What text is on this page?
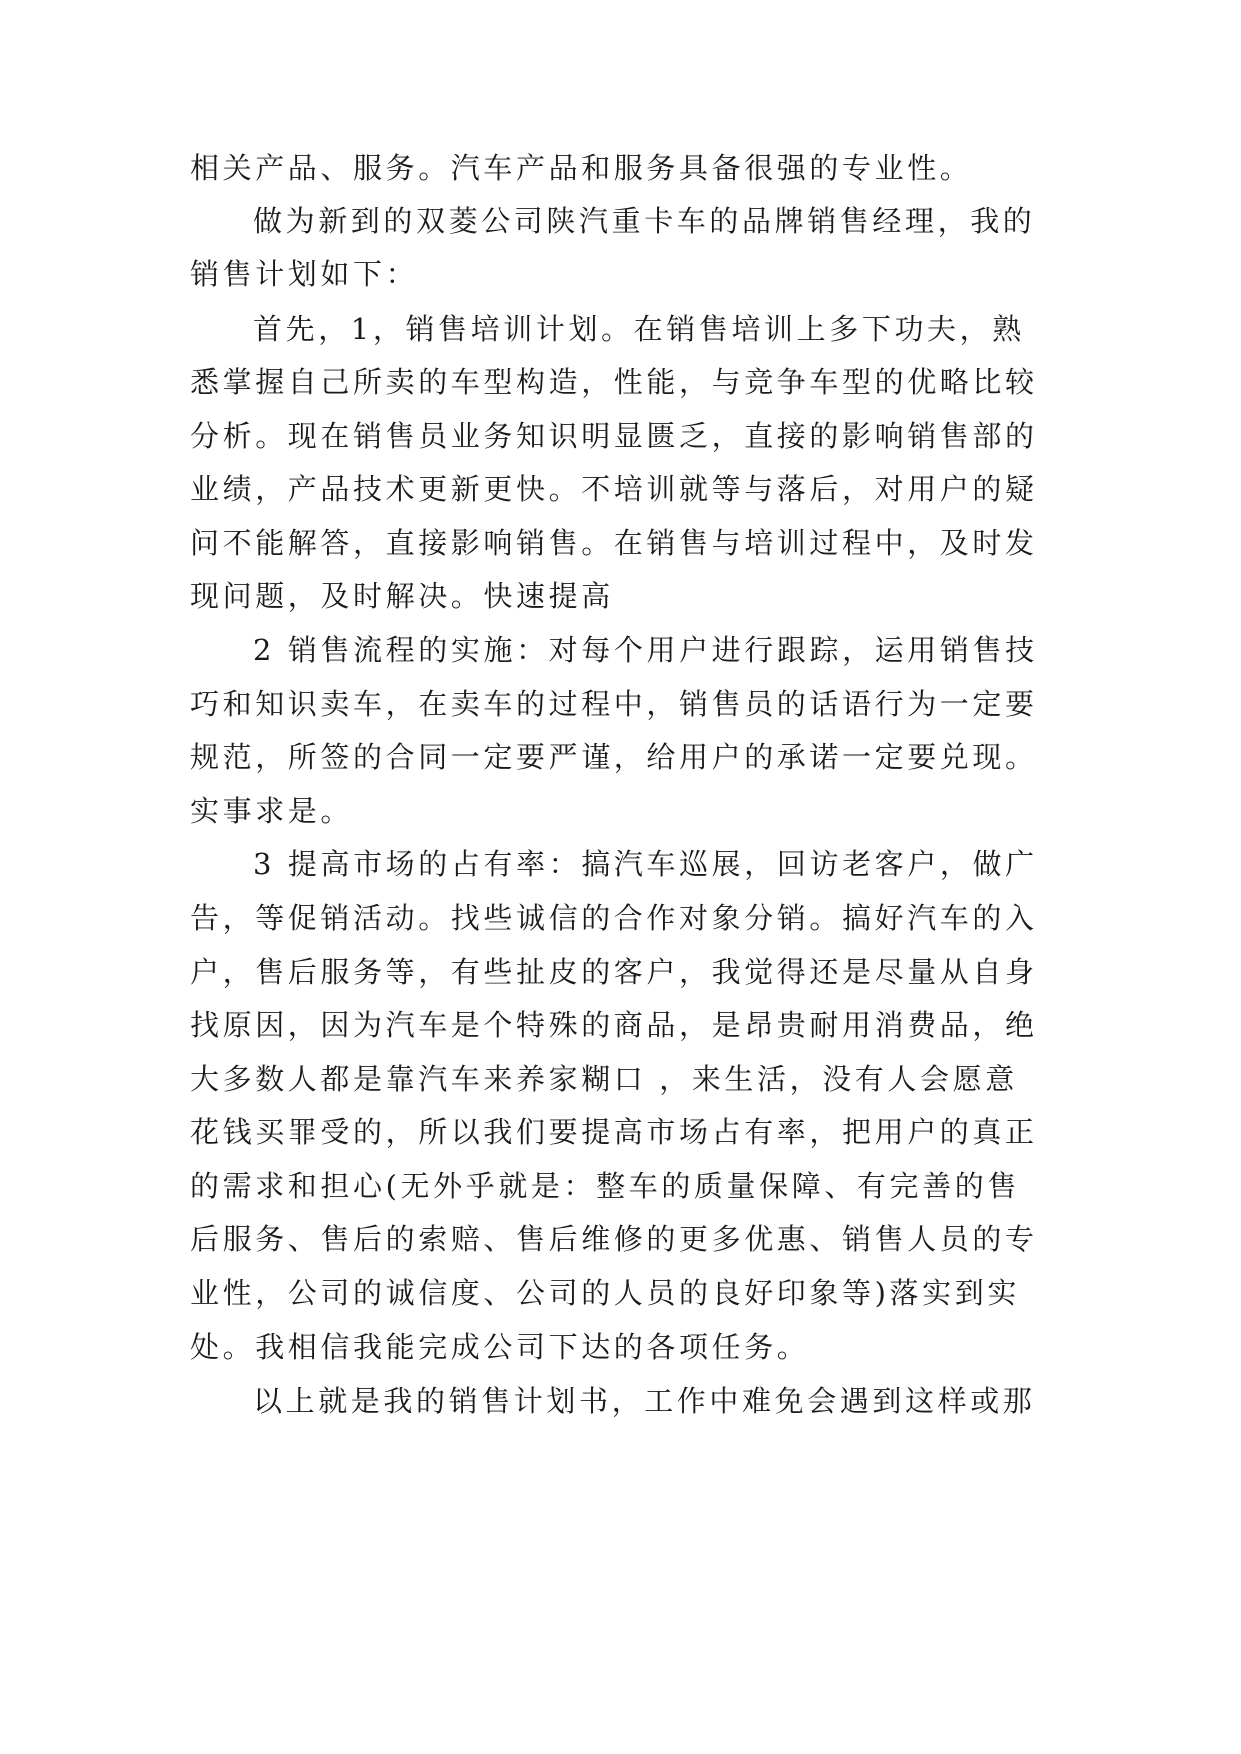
相关产品、服务。汽车产品和服务具备很强的专业性。
做为新到的双菱公司陕汽重卡车的品牌销售经理，我的
销售计划如下：
首先，1，销售培训计划。在销售培训上多下功夫，熟
悉掌握自己所卖的车型构造，性能，与竞争车型的优略比较
分析。现在销售员业务知识明显匮乏，直接的影响销售部的
业绩，产品技术更新更快。不培训就等与落后，对用户的疑
问不能解答，直接影响销售。在销售与培训过程中，及时发
现问题，及时解决。快速提高
2 销售流程的实施：对每个用户进行跟踪，运用销售技
巧和知识卖车，在卖车的过程中，销售员的话语行为一定要
规范，所签的合同一定要严谨，给用户的承诺一定要兑现。
实事求是。
3 提高市场的占有率：搞汽车巡展，回访老客户，做广
告，等促销活动。找些诚信的合作对象分销。搞好汽车的入
户，售后服务等，有些扯皮的客户，我觉得还是尽量从自身
找原因，因为汽车是个特殊的商品，是昂贵耐用消费品，绝
大多数人都是靠汽车来养家糊口 ，来生活，没有人会愿意
花钱买罪受的，所以我们要提高市场占有率，把用户的真正
的需求和担心(无外乎就是：整车的质量保障、有完善的售
后服务、售后的索赔、售后维修的更多优惠、销售人员的专
业性，公司的诚信度、公司的人员的良好印象等)落实到实
处。我相信我能完成公司下达的各项任务。
以上就是我的销售计划书，工作中难免会遇到这样或那
